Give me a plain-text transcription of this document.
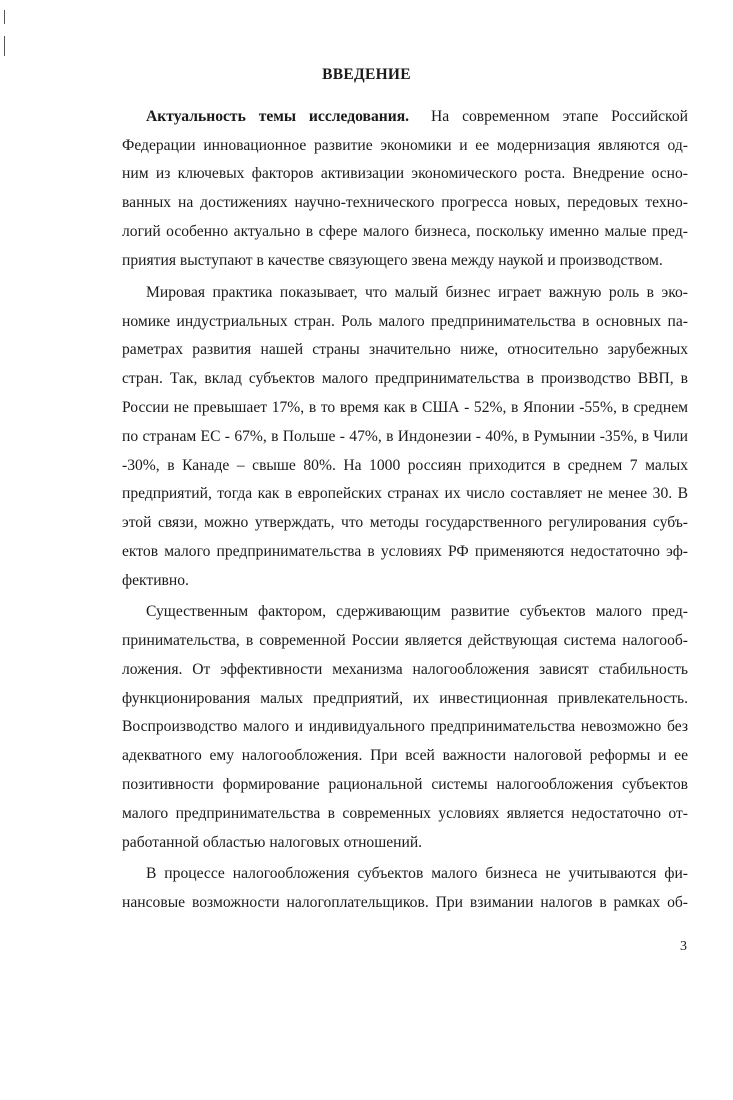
ВВЕДЕНИЕ
Актуальность темы исследования. На современном этапе Российской
Федерации инновационное развитие экономики и ее модернизация являются од-
ним из ключевых факторов активизации экономического роста. Внедрение осно-
ванных на достижениях научно-технического прогресса новых, передовых техно-
логий особенно актуально в сфере малого бизнеса, поскольку именно малые пред-
приятия выступают в качестве связующего звена между наукой и производством.
Мировая практика показывает, что малый бизнес играет важную роль в эко-
номике индустриальных стран. Роль малого предпринимательства в основных па-
раметрах развития нашей страны значительно ниже, относительно зарубежных
стран. Так, вклад субъектов малого предпринимательства в производство ВВП, в
России не превышает 17%, в то время как в США - 52%, в Японии -55%, в среднем
по странам ЕС - 67%, в Польше - 47%, в Индонезии - 40%, в Румынии -35%, в Чили
-30%, в Канаде – свыше 80%. На 1000 россиян приходится в среднем 7 малых
предприятий, тогда как в европейских странах их число составляет не менее 30. В
этой связи, можно утверждать, что методы государственного регулирования субъ-
ектов малого предпринимательства в условиях РФ применяются недостаточно эф-
фективно.
Существенным фактором, сдерживающим развитие субъектов малого пред-
принимательства, в современной России является действующая система налогооб-
ложения. От эффективности механизма налогообложения зависят стабильность
функционирования малых предприятий, их инвестиционная привлекательность.
Воспроизводство малого и индивидуального предпринимательства невозможно без
адекватного ему налогообложения. При всей важности налоговой реформы и ее
позитивности формирование рациональной системы налогообложения субъектов
малого предпринимательства в современных условиях является недостаточно от-
работанной областью налоговых отношений.
В процессе налогообложения субъектов малого бизнеса не учитываются фи-
нансовые возможности налогоплательщиков. При взимании налогов в рамках об-
3
